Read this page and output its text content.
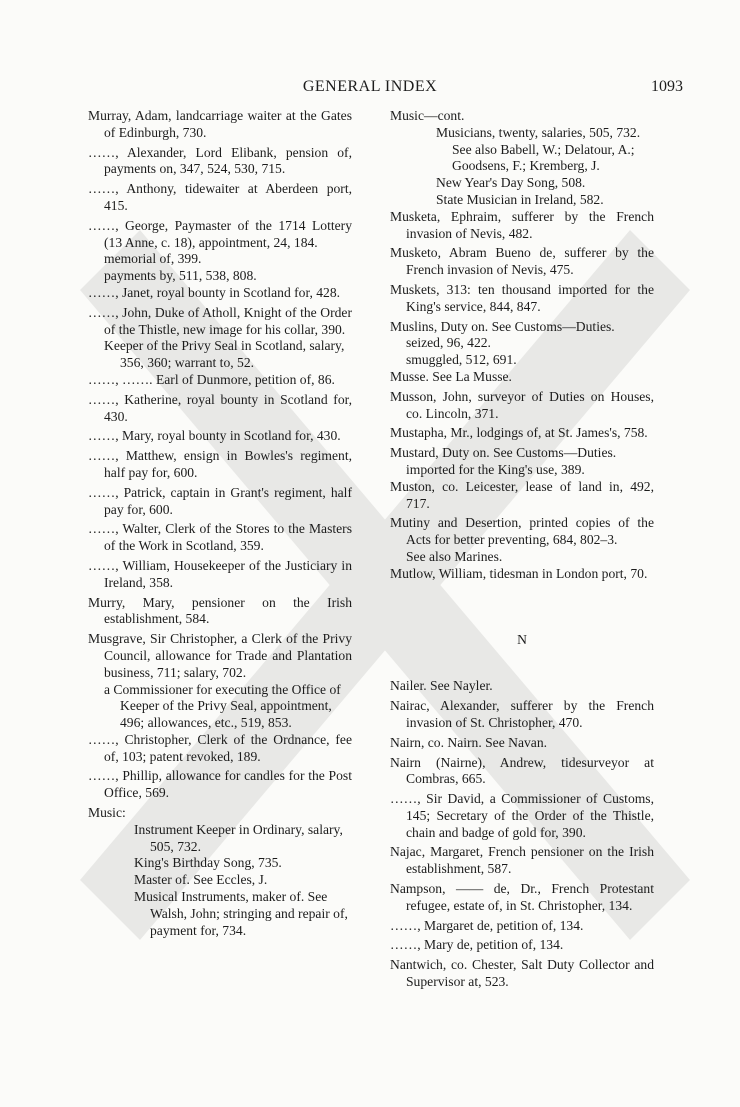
GENERAL INDEX	1093
Murray, Adam, landcarriage waiter at the Gates of Edinburgh, 730.
……, Alexander, Lord Elibank, pension of, payments on, 347, 524, 530, 715.
……, Anthony, tidewaiter at Aberdeen port, 415.
……, George, Paymaster of the 1714 Lottery (13 Anne, c. 18), appointment, 24, 184.
memorial of, 399.
payments by, 511, 538, 808.
……, Janet, royal bounty in Scotland for, 428.
……, John, Duke of Atholl, Knight of the Order of the Thistle, new image for his collar, 390.
Keeper of the Privy Seal in Scotland, salary, 356, 360; warrant to, 52.
……, ……. Earl of Dunmore, petition of, 86.
……, Katherine, royal bounty in Scotland for, 430.
……, Mary, royal bounty in Scotland for, 430.
……, Matthew, ensign in Bowles's regiment, half pay for, 600.
……, Patrick, captain in Grant's regiment, half pay for, 600.
……, Walter, Clerk of the Stores to the Masters of the Work in Scotland, 359.
……, William, Housekeeper of the Justiciary in Ireland, 358.
Murry, Mary, pensioner on the Irish establishment, 584.
Musgrave, Sir Christopher, a Clerk of the Privy Council, allowance for Trade and Plantation business, 711; salary, 702.
a Commissioner for executing the Office of Keeper of the Privy Seal, appointment, 496; allowances, etc., 519, 853.
……, Christopher, Clerk of the Ordnance, fee of, 103; patent revoked, 189.
……, Phillip, allowance for candles for the Post Office, 569.
Music:
Instrument Keeper in Ordinary, salary, 505, 732.
King's Birthday Song, 735.
Master of. See Eccles, J.
Musical Instruments, maker of. See Walsh, John; stringing and repair of, payment for, 734.
Music—cont.
Musicians, twenty, salaries, 505, 732. See also Babell, W.; Delatour, A.; Goodsens, F.; Kremberg, J.
New Year's Day Song, 508.
State Musician in Ireland, 582.
Musketa, Ephraim, sufferer by the French invasion of Nevis, 482.
Musketo, Abram Bueno de, sufferer by the French invasion of Nevis, 475.
Muskets, 313: ten thousand imported for the King's service, 844, 847.
Muslins, Duty on. See Customs—Duties.
seized, 96, 422.
smuggled, 512, 691.
Musse. See La Musse.
Musson, John, surveyor of Duties on Houses, co. Lincoln, 371.
Mustapha, Mr., lodgings of, at St. James's, 758.
Mustard, Duty on. See Customs—Duties.
imported for the King's use, 389.
Muston, co. Leicester, lease of land in, 492, 717.
Mutiny and Desertion, printed copies of the Acts for better preventing, 684, 802–3.
See also Marines.
Mutlow, William, tidesman in London port, 70.

N

Nailer. See Nayler.
Nairac, Alexander, sufferer by the French invasion of St. Christopher, 470.
Nairn, co. Nairn. See Navan.
Nairn (Nairne), Andrew, tidesurveyor at Combras, 665.
……, Sir David, a Commissioner of Customs, 145; Secretary of the Order of the Thistle, chain and badge of gold for, 390.
Najac, Margaret, French pensioner on the Irish establishment, 587.
Nampson, —— de, Dr., French Protestant refugee, estate of, in St. Christopher, 134.
……, Margaret de, petition of, 134.
……, Mary de, petition of, 134.
Nantwich, co. Chester, Salt Duty Collector and Supervisor at, 523.
